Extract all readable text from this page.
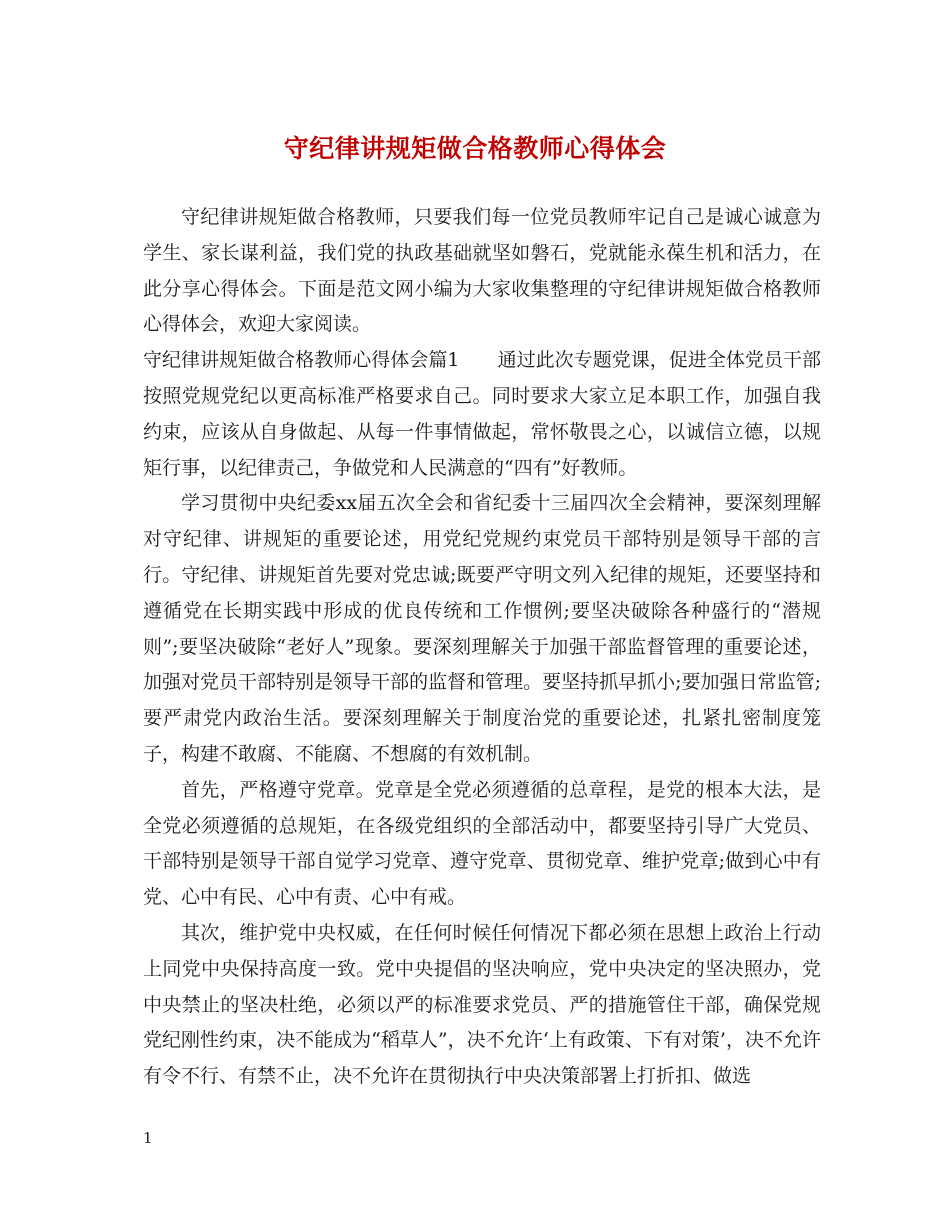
守纪律讲规矩做合格教师心得体会

守纪律讲规矩做合格教师，只要我们每一位党员教师牢记自己是诚心诚意为学生、家长谋利益，我们党的执政基础就坚如磐石，党就能永葆生机和活力，在此分享心得体会。下面是范文网小编为大家收集整理的守纪律讲规矩做合格教师心得体会，欢迎大家阅读。

守纪律讲规矩做合格教师心得体会篇1　　通过此次专题党课，促进全体党员干部按照党规党纪以更高标准严格要求自己。同时要求大家立足本职工作，加强自我约束，应该从自身做起、从每一件事情做起，常怀敬畏之心，以诚信立德，以规矩行事，以纪律责己，争做党和人民满意的“四有”好教师。

学习贯彻中央纪委xx届五次全会和省纪委十三届四次全会精神，要深刻理解对守纪律、讲规矩的重要论述，用党纪党规约束党员干部特别是领导干部的言行。守纪律、讲规矩首先要对党忠诚;既要严守明文列入纪律的规矩，还要坚持和遵循党在长期实践中形成的优良传统和工作惯例;要坚决破除各种盛行的“潜规则”;要坚决破除“老好人”现象。要深刻理解关于加强干部监督管理的重要论述，加强对党员干部特别是领导干部的监督和管理。要坚持抓早抓小;要加强日常监管;要严肃党内政治生活。要深刻理解关于制度治党的重要论述，扎紧扎密制度笼子，构建不敢腐、不能腐、不想腐的有效机制。

首先，严格遵守党章。党章是全党必须遵循的总章程，是党的根本大法，是全党必须遵循的总规矩，在各级党组织的全部活动中，都要坚持引导广大党员、干部特别是领导干部自觉学习党章、遵守党章、贯彻党章、维护党章;做到心中有党、心中有民、心中有责、心中有戒。

其次，维护党中央权威，在任何时候任何情况下都必须在思想上政治上行动上同党中央保持高度一致。党中央提倡的坚决响应，党中央决定的坚决照办，党中央禁止的坚决杜绝，必须以严的标准要求党员、严的措施管住干部，确保党规党纪刚性约束，决不能成为“稻草人”，决不允许‘上有政策、下有对策’，决不允许有令不行、有禁不止，决不允许在贯彻执行中央决策部署上打折扣、做选

1
